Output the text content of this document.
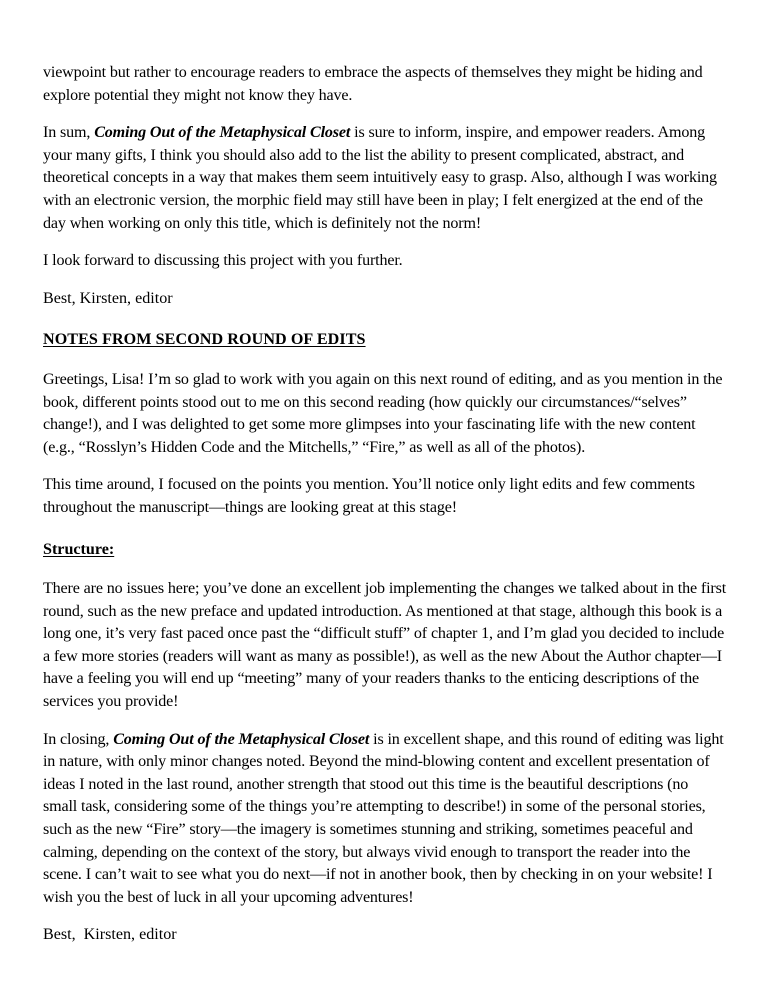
viewpoint but rather to encourage readers to embrace the aspects of themselves they might be hiding and explore potential they might not know they have.

In sum, Coming Out of the Metaphysical Closet is sure to inform, inspire, and empower readers. Among your many gifts, I think you should also add to the list the ability to present complicated, abstract, and theoretical concepts in a way that makes them seem intuitively easy to grasp. Also, although I was working with an electronic version, the morphic field may still have been in play; I felt energized at the end of the day when working on only this title, which is definitely not the norm!

I look forward to discussing this project with you further.

Best, Kirsten, editor

NOTES FROM SECOND ROUND OF EDITS

Greetings, Lisa! I’m so glad to work with you again on this next round of editing, and as you mention in the book, different points stood out to me on this second reading (how quickly our circumstances/“selves” change!), and I was delighted to get some more glimpses into your fascinating life with the new content (e.g., “Rosslyn’s Hidden Code and the Mitchells,” “Fire,” as well as all of the photos).

This time around, I focused on the points you mention. You’ll notice only light edits and few comments throughout the manuscript—things are looking great at this stage!

Structure:

There are no issues here; you’ve done an excellent job implementing the changes we talked about in the first round, such as the new preface and updated introduction. As mentioned at that stage, although this book is a long one, it’s very fast paced once past the “difficult stuff” of chapter 1, and I’m glad you decided to include a few more stories (readers will want as many as possible!), as well as the new About the Author chapter—I have a feeling you will end up “meeting” many of your readers thanks to the enticing descriptions of the services you provide!

In closing, Coming Out of the Metaphysical Closet is in excellent shape, and this round of editing was light in nature, with only minor changes noted. Beyond the mind-blowing content and excellent presentation of ideas I noted in the last round, another strength that stood out this time is the beautiful descriptions (no small task, considering some of the things you’re attempting to describe!) in some of the personal stories, such as the new “Fire” story—the imagery is sometimes stunning and striking, sometimes peaceful and calming, depending on the context of the story, but always vivid enough to transport the reader into the scene. I can’t wait to see what you do next—if not in another book, then by checking in on your website! I wish you the best of luck in all your upcoming adventures!

Best,  Kirsten, editor
